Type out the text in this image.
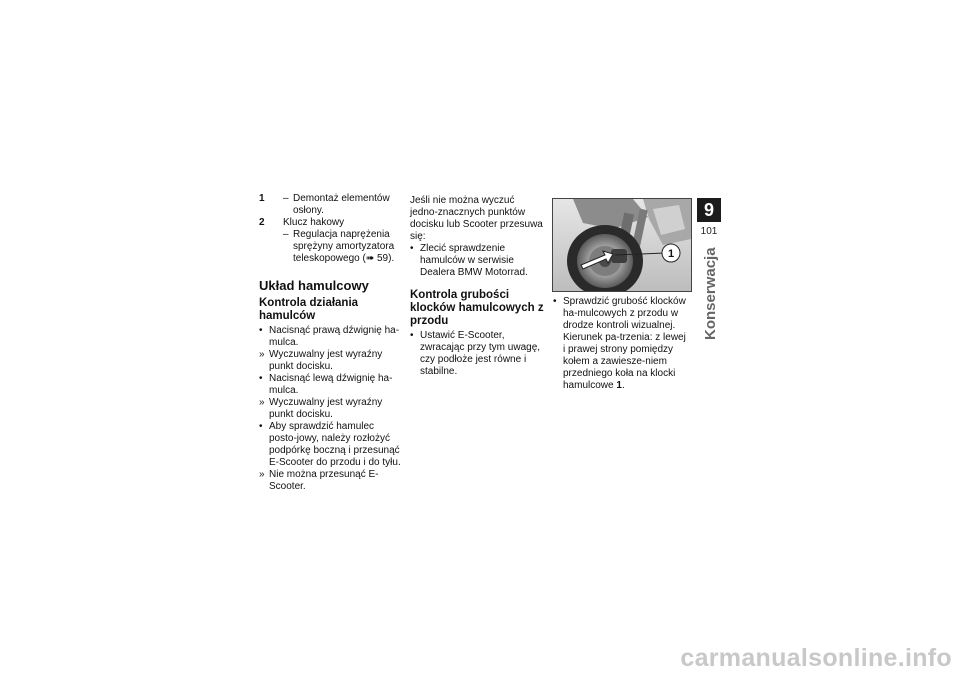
1	– Demontaż elementów osłony.
2	Klucz hakowy
– Regulacja naprężenia sprężyny amortyzatora teleskopowego (➠ 59).
Układ hamulcowy
Kontrola działania hamulców
• Nacisnąć prawą dźwignię ha-mulca.
» Wyczuwalny jest wyraźny punkt docisku.
• Nacisnąć lewą dźwignię ha-mulca.
» Wyczuwalny jest wyraźny punkt docisku.
• Aby sprawdzić hamulec posto-jowy, należy rozłożyć podpórkę boczną i przesunąć E-Scooter do przodu i do tyłu.
» Nie można przesunąć E-Scooter.

Jeśli nie można wyczuć jedno-znacznych punktów docisku lub Scooter przesuwa się:

• Zlecić sprawdzenie hamulców w serwisie Dealera BMW Motorrad.
Kontrola grubości klocków hamulcowych z przodu
• Ustawić E-Scooter, zwracając przy tym uwagę, czy podłoże jest równe i stabilne.
1
• Sprawdzić grubość klocków ha-mulcowych z przodu w drodze kontroli wizualnej. Kierunek pa-trzenia: z lewej i prawej strony pomiędzy kołem a zawiesze-niem przedniego koła na klocki hamulcowe 1.
9
101
Konserwacja
carmanualsonline.info
